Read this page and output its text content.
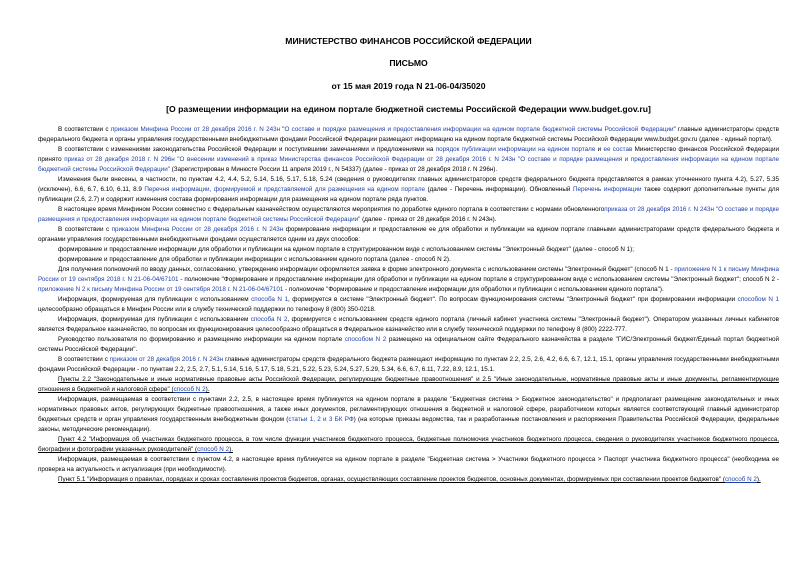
МИНИСТЕРСТВО ФИНАНСОВ РОССИЙСКОЙ ФЕДЕРАЦИИ
ПИСЬМО
от 15 мая 2019 года N 21-06-04/35020
[О размещении информации на едином портале бюджетной системы Российской Федерации www.budget.gov.ru]

В соответствии с приказом Минфина России от 28 декабря 2016 г. N 243н "О составе и порядке размещения и предоставления информации на едином портале бюджетной системы Российской Федерации" главные администраторы средств федерального бюджета и органы управления государственными внебюджетными фондами Российской Федерации размещают информацию на едином портале бюджетной системы Российской Федерации www.budget.gov.ru (далее - единый портал).

В соответствии с изменениями законодательства Российской Федерации и поступившими замечаниями и предложениями на порядок публикации информации на едином портале и ее состав Министерство финансов Российской Федерации принято приказ от 28 декабря 2018 г. N 296н "О внесении изменений в приказ Министерства финансов Российской Федерации от 28 декабря 2016 г. N 243н "О составе и порядке размещения и предоставления информации на едином портале бюджетной системы Российской Федерации" (Зарегистрирован в Минюсте России 11 апреля 2019 г., N 54337) (далее - приказ от 28 декабря 2018 г. N 296н).

Изменения были внесены, в частности, по пунктам 4.2, 4.4, 5.2, 5.14, 5.16, 5.17, 5.18, 5.24 (сведения о руководителях главных администраторов средств федерального бюджета представляется в рамках уточненного пункта 4.2), 5.27, 5.35 (исключен), 6.6, 6.7, 6.10, 6.11, 8.9 Перечня информации, формируемой и представляемой для размещения на едином портале (далее - Перечень информации). Обновленный Перечень информации также содержит дополнительные пункты для публикации (2.6, 2.7) и содержит изменения состава формирования информации для размещения на едином портале ряда пунктов.

В настоящее время Минфином России совместно с Федеральным казначейством осуществляются мероприятия по доработке единого портала в соответствии с нормами обновленногоприказа от 28 декабря 2016 г. N 243н "О составе и порядке размещения и предоставления информации на едином портале бюджетной системы Российской Федерации" (далее - приказ от 28 декабря 2016 г. N 243н).

В соответствии с приказом Минфина России от 28 декабря 2016 г. N 243н формирование информации и предоставление ее для обработки и публикации на едином портале главными администраторами средств федерального бюджета и органами управления государственными внебюджетными фондами осуществляется одним из двух способов:

формирование и предоставление информации для обработки и публикации на едином портале в структурированном виде с использованием системы "Электронный бюджет" (далее - способ N 1);

формирование и предоставление для обработки и публикации информации с использованием единого портала (далее - способ N 2).

Для получения полномочий по вводу данных, согласованию, утверждению информации оформляется заявка в форме электронного документа с использованием системы "Электронный бюджет" (способ N 1 - приложение N 1 к письму Минфина России от 19 сентября 2018 г. N 21-06-04/67101 - полномочие "Формирование и предоставление информации для обработки и публикации на едином портале в структурированном виде с использованием системы "Электронный бюджет"; способ N 2 - приложение N 2 к письму Минфина России от 19 сентября 2018 г. N 21-06-04/67101 - полномочие "Формирование и предоставление информации для обработки и публикации с использованием единого портала").

Информация, формируемая для публикации с использованием способа N 1, формируется в системе "Электронный бюджет". По вопросам функционирования системы "Электронный бюджет" при формировании информации способом N 1 целесообразно обращаться в Минфин России или в службу технической поддержки по телефону 8 (800) 350-0218.

Информация, формируемая для публикации с использованием способа N 2, формируется с использованием средств единого портала (личный кабинет участника системы "Электронный бюджет"). Оператором указанных личных кабинетов является Федеральное казначейство, по вопросам их функционирования целесообразно обращаться в Федеральное казначейство или в службу технической поддержки по телефону 8 (800) 2222-777.

Руководство пользователя по формированию и размещению информации на едином портале способом N 2 размещено на официальном сайте Федерального казначейства в разделе "ГИС/Электронный бюджет/Единый портал бюджетной системы Российской Федерации".

В соответствии с приказом от 28 декабря 2016 г. N 243н главные администраторы средств федерального бюджета размещают информацию по пунктам 2.2, 2.5, 2.6, 4.2, 6.6, 6.7, 12.1, 15.1, органы управления государственными внебюджетными фондами Российской Федерации - по пунктам 2.2, 2.5, 2.7, 5.1, 5.14, 5.16, 5.17, 5.18, 5.21, 5.22, 5.23, 5.24, 5.27, 5.29, 5.34, 6.6, 6.7, 6.11, 7.22, 8.9, 12.1, 15.1.

Пункты 2.2 "Законодательные и иные нормативные правовые акты Российской Федерации, регулирующие бюджетные правоотношения" и 2.5 "Иные законодательные, нормативные правовые акты и иные документы, регламентирующие отношения в бюджетной и налоговой сфере" (способ N 2).

Информация, размещаемая в соответствии с пунктами 2.2, 2.5, в настоящее время публикуется на едином портале в разделе "Бюджетная система > Бюджетное законодательство" и предполагает размещение законодательных и иных нормативных правовых актов, регулирующих бюджетные правоотношения, а также иных документов, регламентирующих отношения в бюджетной и налоговой сфере, разработчиком которых является соответствующий главный администратор бюджетных средств и орган управления государственным внебюджетным фондом (статьи 1, 2 и 3 БК РФ) (на которые приказы ведомства, так и разработанные постановления и распоряжения Правительства Российской Федерации, федеральные законы, методические рекомендации).

Пункт 4.2 "Информация об участниках бюджетного процесса, в том числе функции участников бюджетного процесса, бюджетные полномочия участников бюджетного процесса, сведения о руководителях участников бюджетного процесса, биографии и фотографии указанных руководителей" (способ N 2).

Информация, размещаемая в соответствии с пунктом 4.2, в настоящее время публикуется на едином портале в разделе "Бюджетная система > Участники бюджетного процесса > Паспорт участника бюджетного процесса" (необходима ее проверка на актуальность и актуализация (при необходимости).

Пункт 5.1 "Информация о правилах, порядках и сроках составления проектов бюджетов, органах, осуществляющих составление проектов бюджетов, основных документах, формируемых при составлении проектов бюджетов" (способ N 2).
